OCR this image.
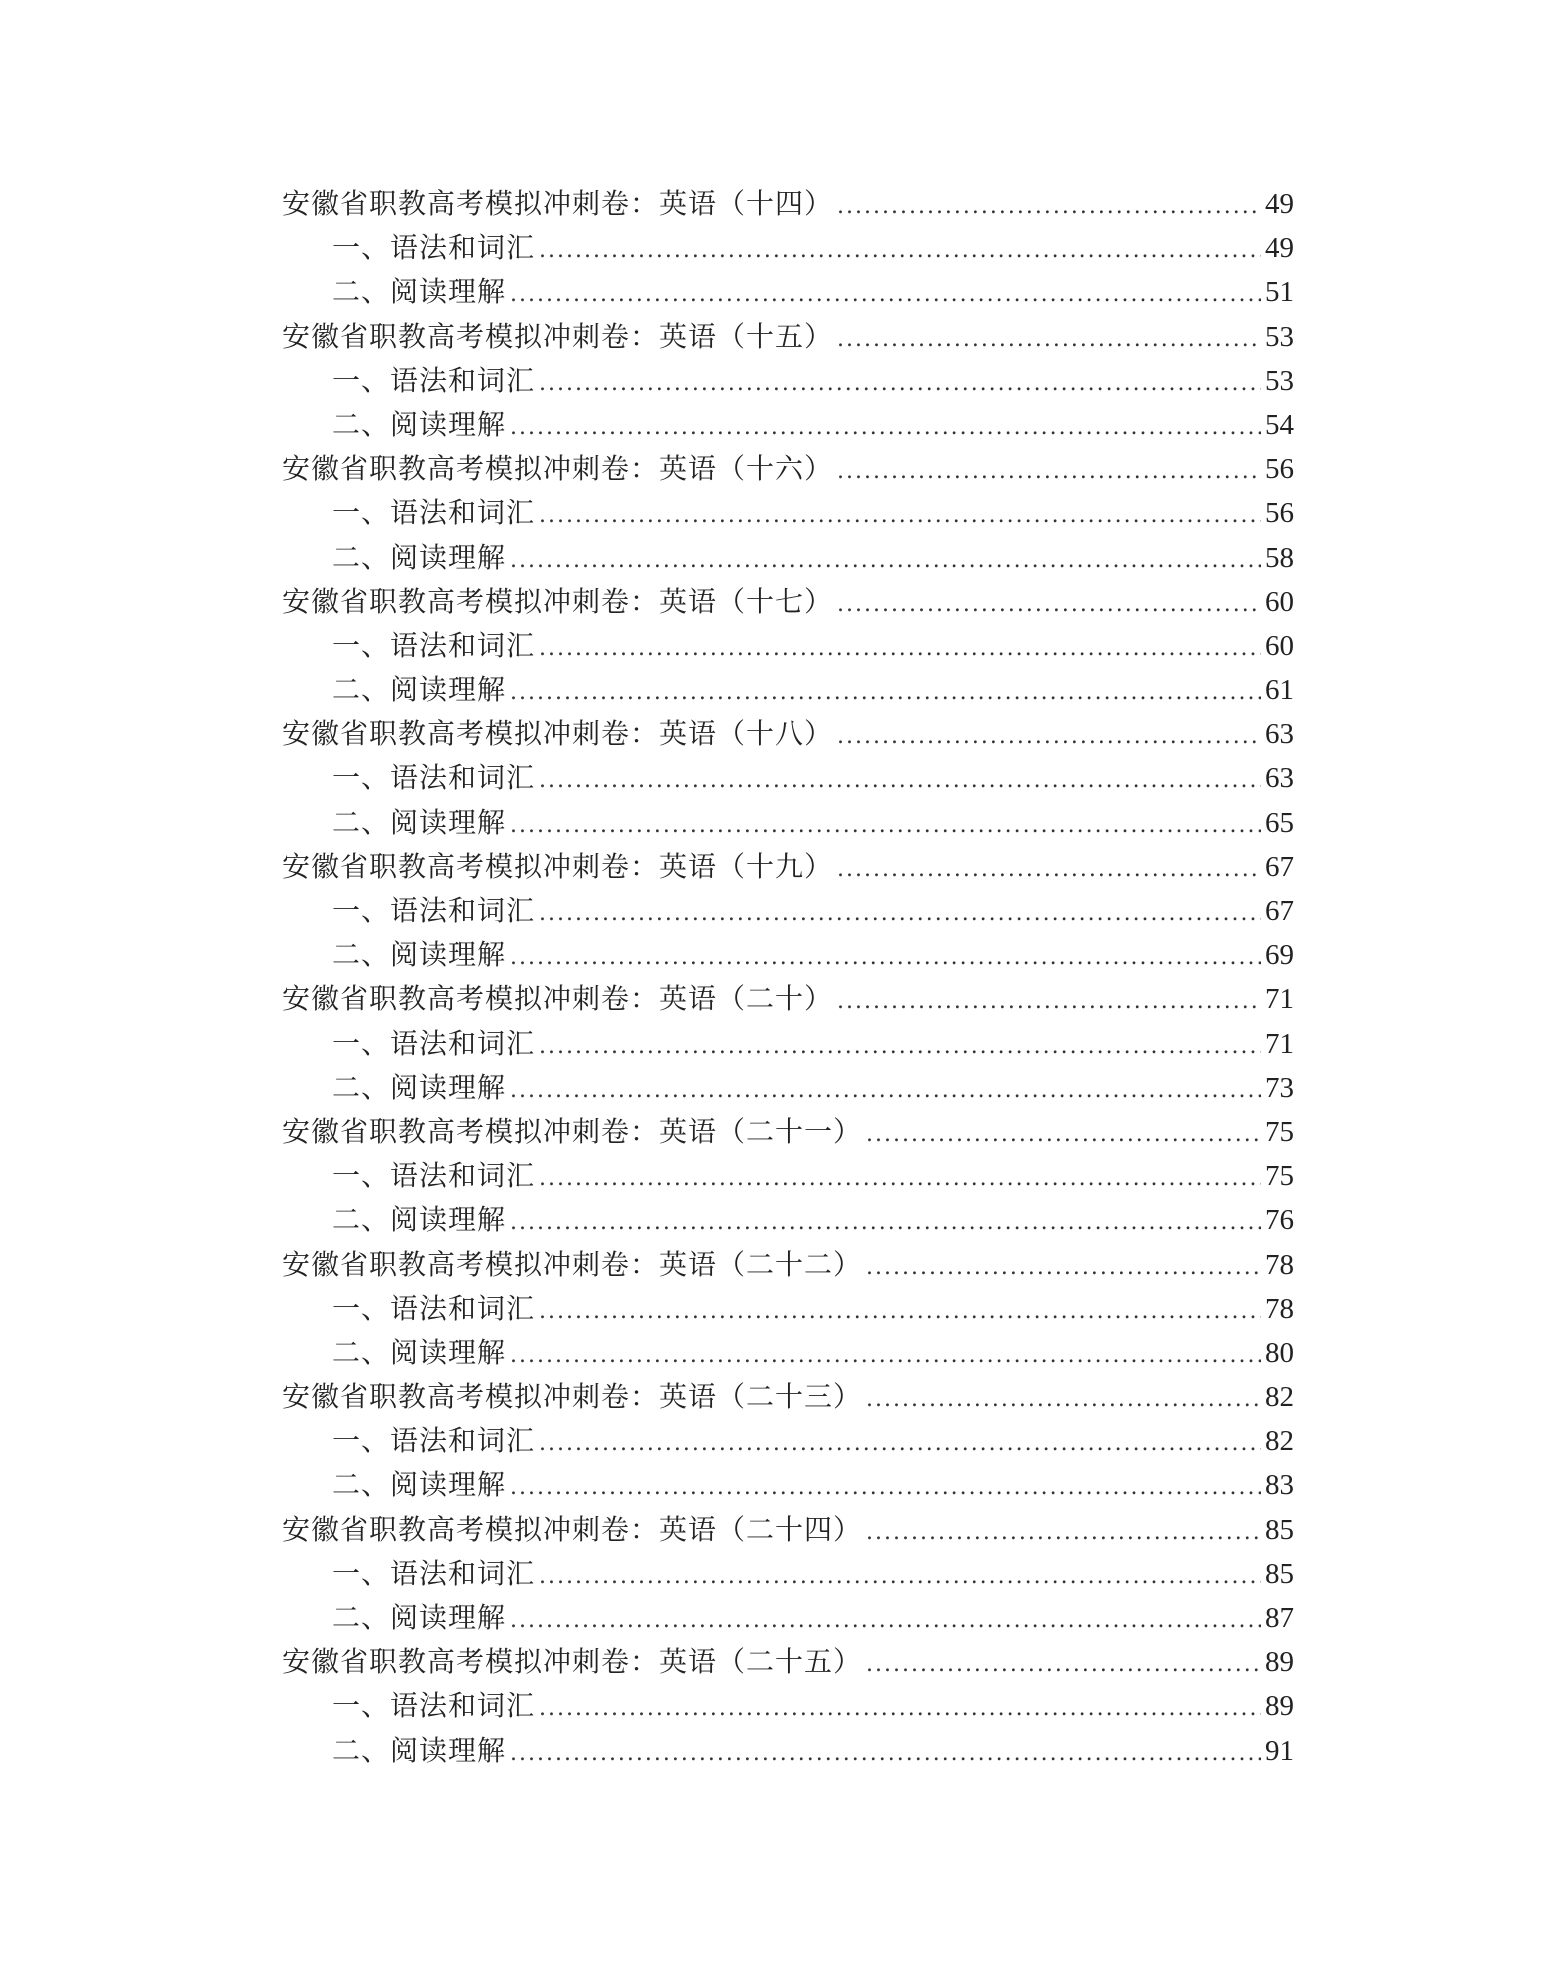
安徽省职教高考模拟冲刺卷：英语（十四） .....	49
一、语法和词汇 .....	49
二、阅读理解 .....	51
安徽省职教高考模拟冲刺卷：英语（十五） .....	53
一、语法和词汇 .....	53
二、阅读理解 .....	54
安徽省职教高考模拟冲刺卷：英语（十六） .....	56
一、语法和词汇 .....	56
二、阅读理解 .....	58
安徽省职教高考模拟冲刺卷：英语（十七） .....	60
一、语法和词汇 .....	60
二、阅读理解 .....	61
安徽省职教高考模拟冲刺卷：英语（十八） .....	63
一、语法和词汇 .....	63
二、阅读理解 .....	65
安徽省职教高考模拟冲刺卷：英语（十九） .....	67
一、语法和词汇 .....	67
二、阅读理解 .....	69
安徽省职教高考模拟冲刺卷：英语（二十） .....	71
一、语法和词汇 .....	71
二、阅读理解 .....	73
安徽省职教高考模拟冲刺卷：英语（二十一） .....	75
一、语法和词汇 .....	75
二、阅读理解 .....	76
安徽省职教高考模拟冲刺卷：英语（二十二） .....	78
一、语法和词汇 .....	78
二、阅读理解 .....	80
安徽省职教高考模拟冲刺卷：英语（二十三） .....	82
一、语法和词汇 .....	82
二、阅读理解 .....	83
安徽省职教高考模拟冲刺卷：英语（二十四） .....	85
一、语法和词汇 .....	85
二、阅读理解 .....	87
安徽省职教高考模拟冲刺卷：英语（二十五） .....	89
一、语法和词汇 .....	89
二、阅读理解 .....	91
